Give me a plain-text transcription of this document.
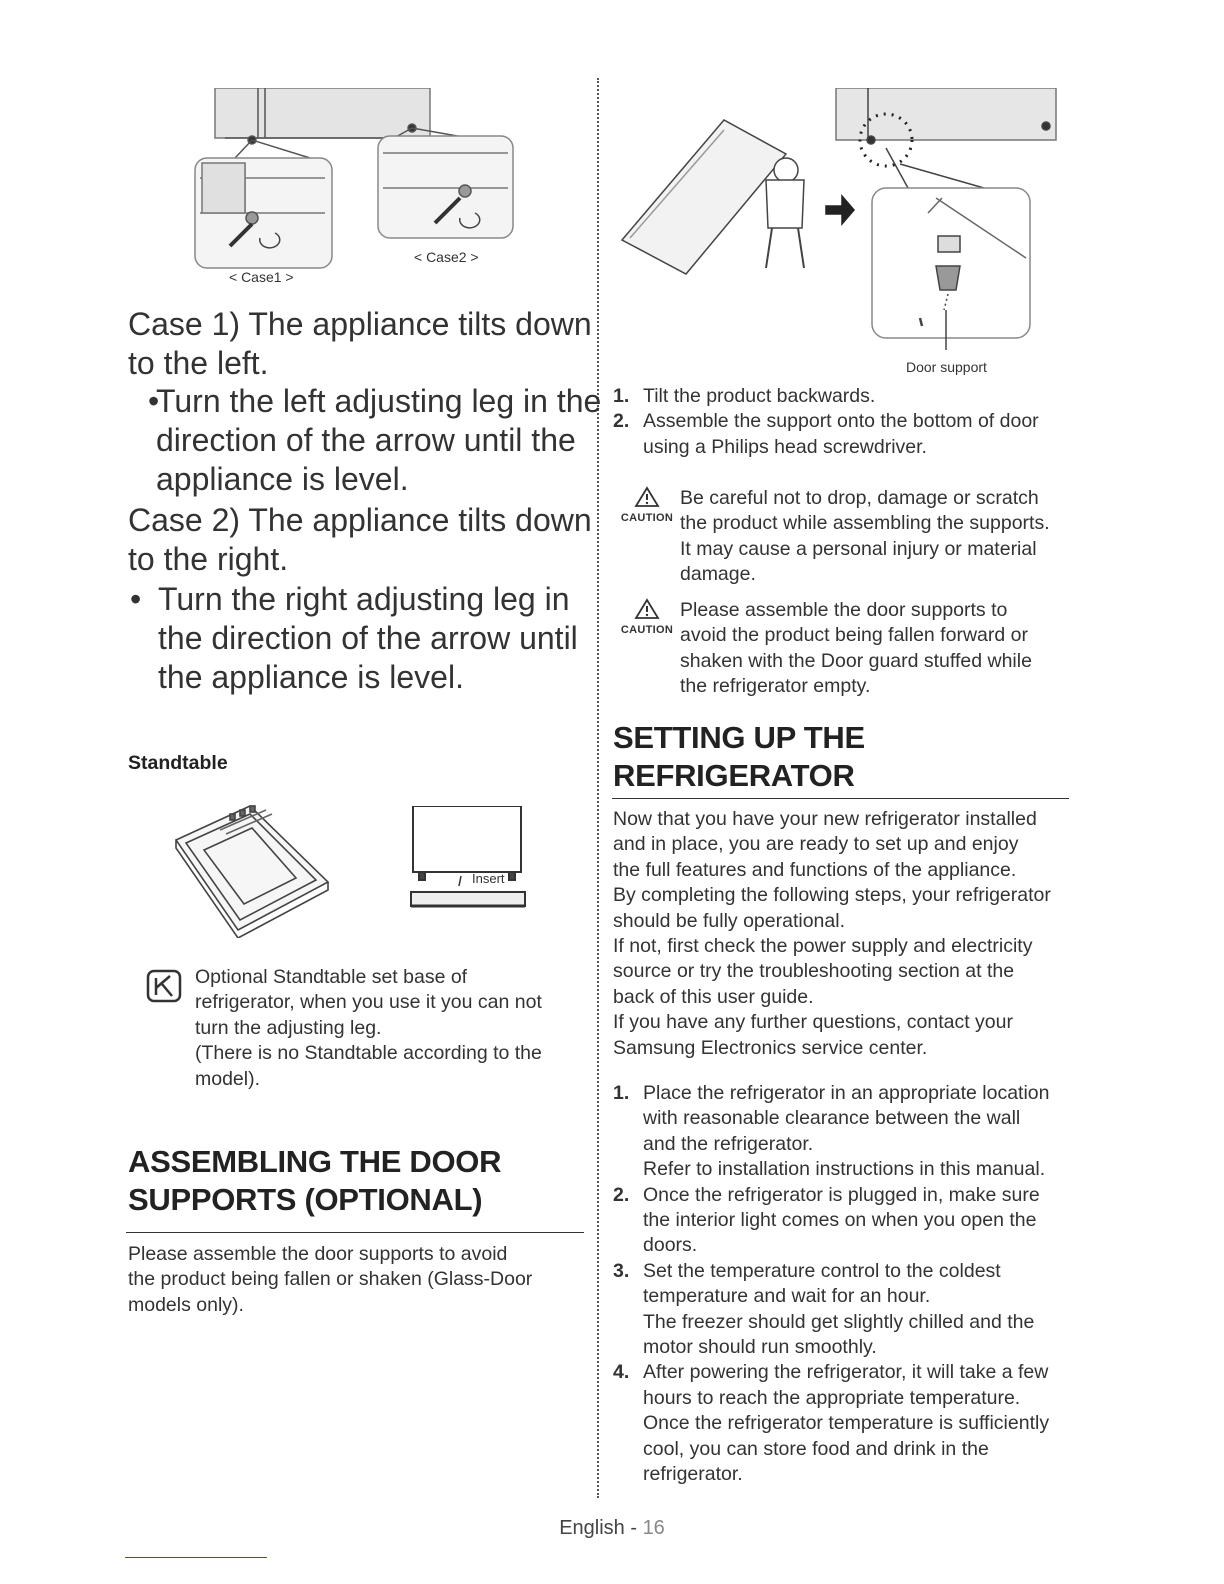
< Case1 >
< Case2 >
Case 1) The appliance tilts down
to the left.
•
Turn the left adjusting leg in the
direction of the arrow until the
appliance is level.
Case 2) The appliance tilts down
to the right.
• Turn the right adjusting leg in
the direction of the arrow until
the appliance is level.
Standtable
Insert
Optional Standtable set base of
refrigerator, when you use it you can not
turn the adjusting leg.
(There is no Standtable according to the
model).
ASSEMBLING THE DOOR
SUPPORTS (OPTIONAL)
Please assemble the door supports to avoid
the product being fallen or shaken (Glass-Door
models only).
Door support
1. Tilt the product backwards.
2. Assemble the support onto the bottom of door
using a Philips head screwdriver.
CAUTION
Be careful not to drop, damage or scratch
the product while assembling the supports.
It may cause a personal injury or material
damage.
CAUTION
Please assemble the door supports to
avoid the product being fallen forward or
shaken with the Door guard stuffed while
the refrigerator empty.
SETTING UP THE
REFRIGERATOR
Now that you have your new refrigerator installed
and in place, you are ready to set up and enjoy
the full features and functions of the appliance.
By completing the following steps, your refrigerator
should be fully operational.
If not, first check the power supply and electricity
source or try the troubleshooting section at the
back of this user guide.
If you have any further questions, contact your
Samsung Electronics service center.
1. Place the refrigerator in an appropriate location
with reasonable clearance between the wall
and the refrigerator.
Refer to installation instructions in this manual.
2. Once the refrigerator is plugged in, make sure
the interior light comes on when you open the
doors.
3. Set the temperature control to the coldest
temperature and wait for an hour.
The freezer should get slightly chilled and the
motor should run smoothly.
4. After powering the refrigerator, it will take a few
hours to reach the appropriate temperature.
Once the refrigerator temperature is sufficiently
cool, you can store food and drink in the
refrigerator.
English - 16
